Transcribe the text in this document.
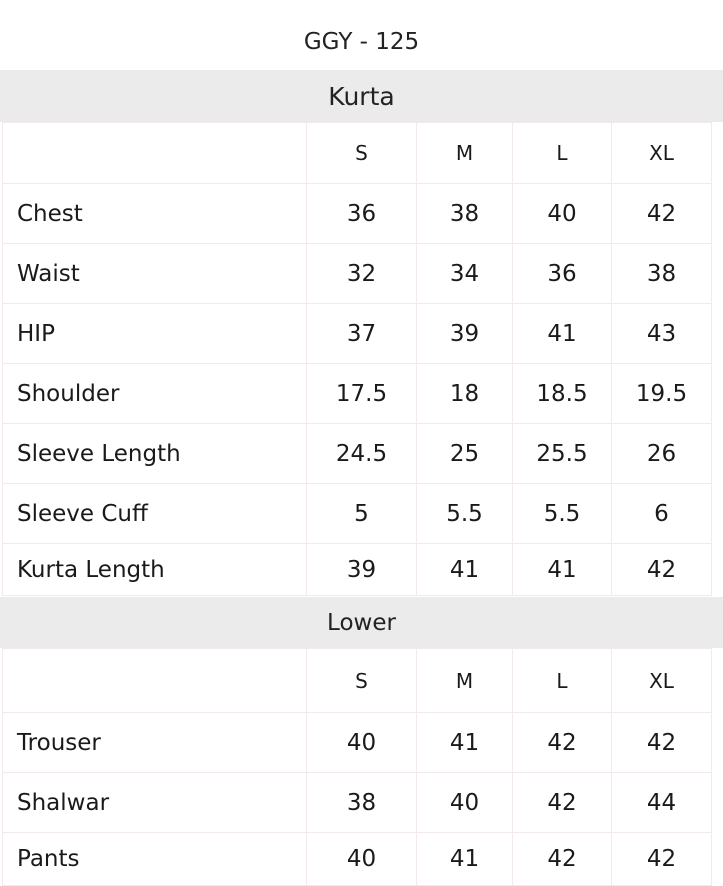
GGY - 125
Kurta
	S	M	L	XL
Chest	36	38	40	42
Waist	32	34	36	38
HIP	37	39	41	43
Shoulder	17.5	18	18.5	19.5
Sleeve Length	24.5	25	25.5	26
Sleeve Cuff	5	5.5	5.5	6
Kurta Length	39	41	41	42
Lower
	S	M	L	XL
Trouser	40	41	42	42
Shalwar	38	40	42	44
Pants	40	41	42	42
